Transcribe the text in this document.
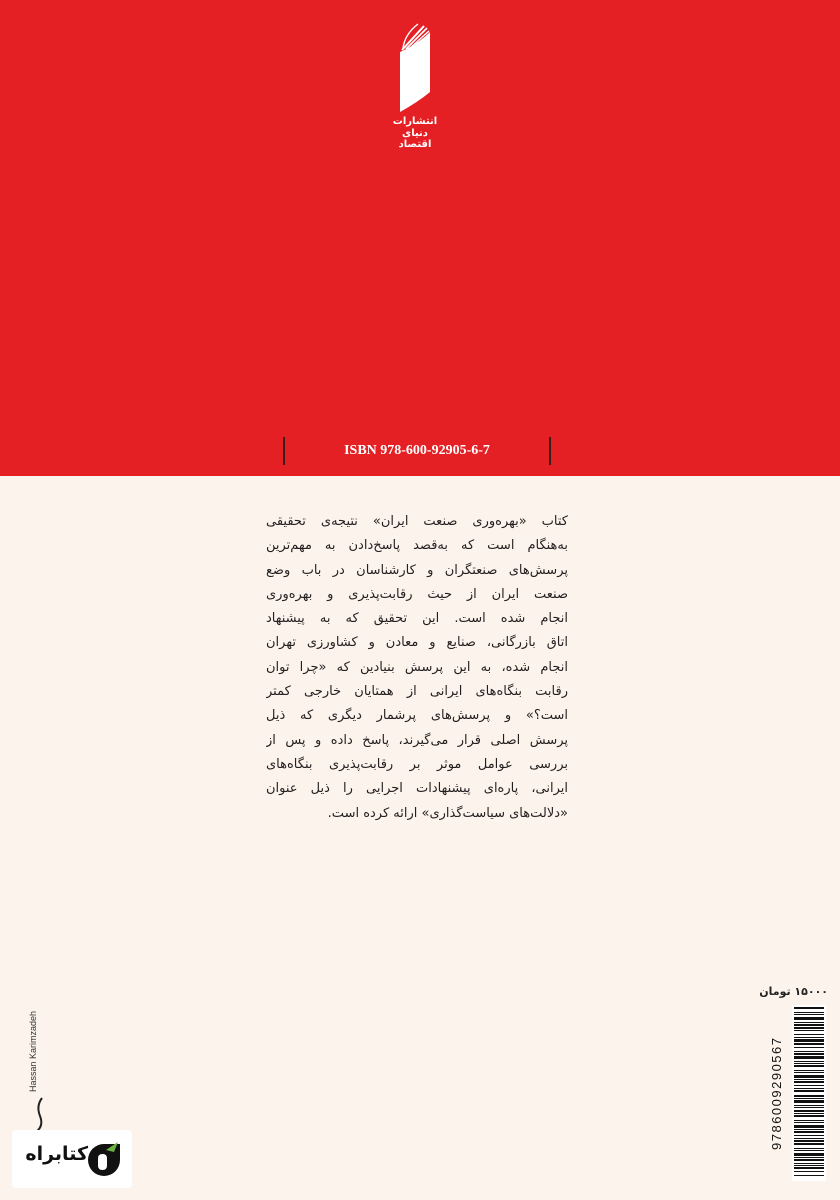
انتشارات
دنیای اقتصاد
ISBN 978-600-92905-6-7
کتاب «بهره‌وری صنعت ایران» نتیجه‌ی تحقیقی
به‌هنگام است که به‌قصد پاسخ‌دادن به مهم‌ترین
پرسش‌های صنعتگران و کارشناسان در باب وضع
صنعت ایران از حیث رقابت‌پذیری و بهره‌وری
انجام شده است. این تحقیق که به پیشنهاد
اتاق بازرگانی، صنایع و معادن و کشاورزی تهران
انجام شده، به این پرسش بنیادین که «چرا توان
رقابت بنگاه‌های ایرانی از همتایان خارجی کمتر
است؟» و پرسش‌های پرشمار دیگری که ذیل
پرسش اصلی قرار می‌گیرند، پاسخ داده و پس از
بررسی عوامل موثر بر رقابت‌پذیری بنگاه‌های
ایرانی، پاره‌ای پیشنهادات اجرایی را ذیل عنوان
«دلالت‌های سیاست‌گذاری» ارائه کرده است.
Hassan Karimzadeh
۱۵۰۰۰ تومان
9786009290567
کتابراه
